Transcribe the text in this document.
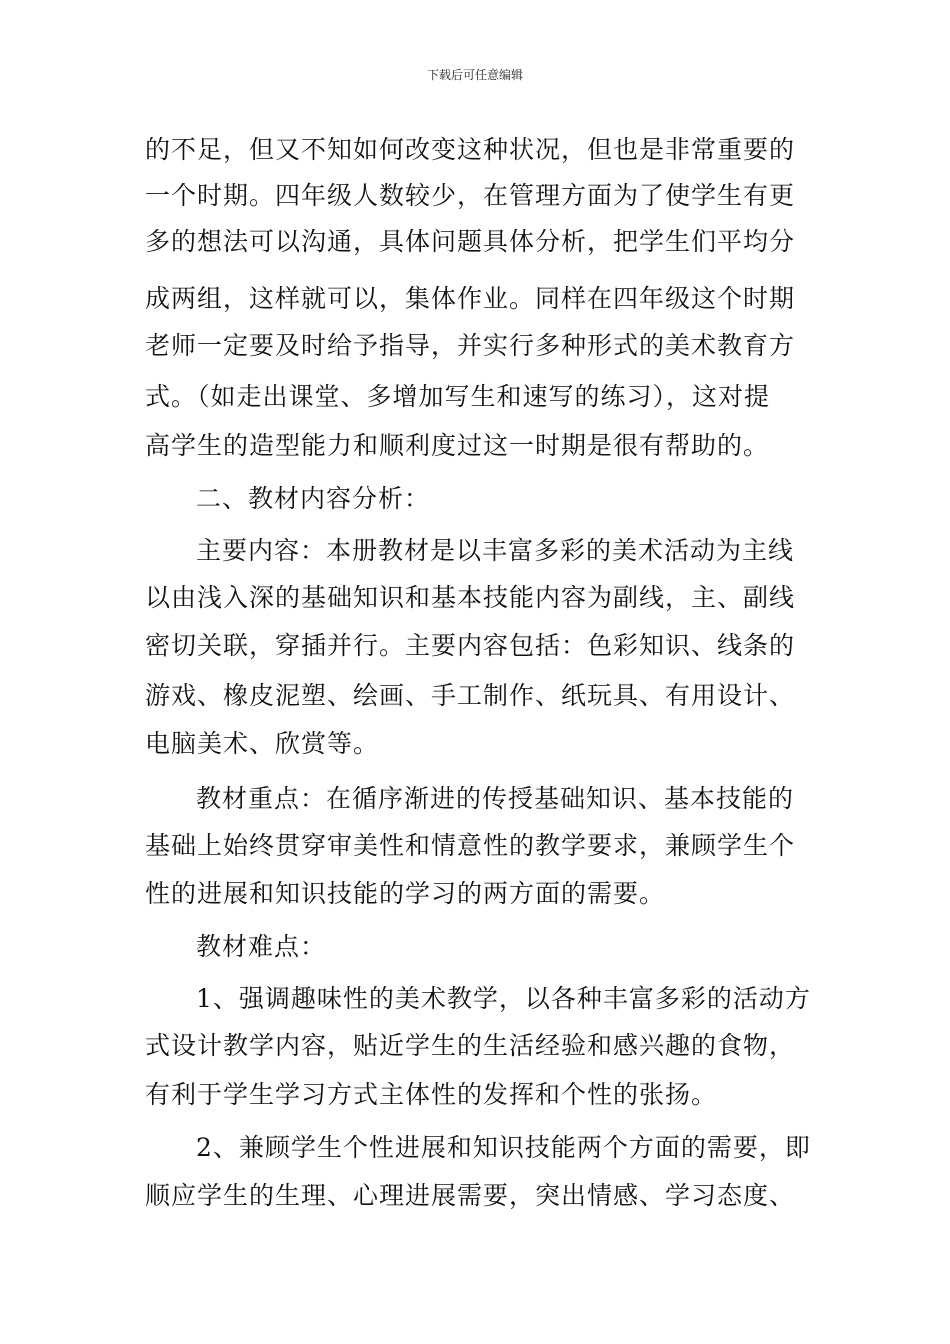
下载后可任意编辑
的不足，但又不知如何改变这种状况，但也是非常重要的
一个时期。四年级人数较少，在管理方面为了使学生有更
多的想法可以沟通，具体问题具体分析，把学生们平均分
成两组，这样就可以，集体作业。同样在四年级这个时期
老师一定要及时给予指导，并实行多种形式的美术教育方
式。（如走出课堂、多增加写生和速写的练习），这对提
高学生的造型能力和顺利度过这一时期是很有帮助的。
二、教材内容分析：
主要内容：本册教材是以丰富多彩的美术活动为主线
以由浅入深的基础知识和基本技能内容为副线，主、副线
密切关联，穿插并行。主要内容包括：色彩知识、线条的
游戏、橡皮泥塑、绘画、手工制作、纸玩具、有用设计、
电脑美术、欣赏等。
教材重点：在循序渐进的传授基础知识、基本技能的
基础上始终贯穿审美性和情意性的教学要求，兼顾学生个
性的进展和知识技能的学习的两方面的需要。
教材难点：
1、强调趣味性的美术教学，以各种丰富多彩的活动方
式设计教学内容，贴近学生的生活经验和感兴趣的食物，
有利于学生学习方式主体性的发挥和个性的张扬。
2、兼顾学生个性进展和知识技能两个方面的需要，即
顺应学生的生理、心理进展需要，突出情感、学习态度、
